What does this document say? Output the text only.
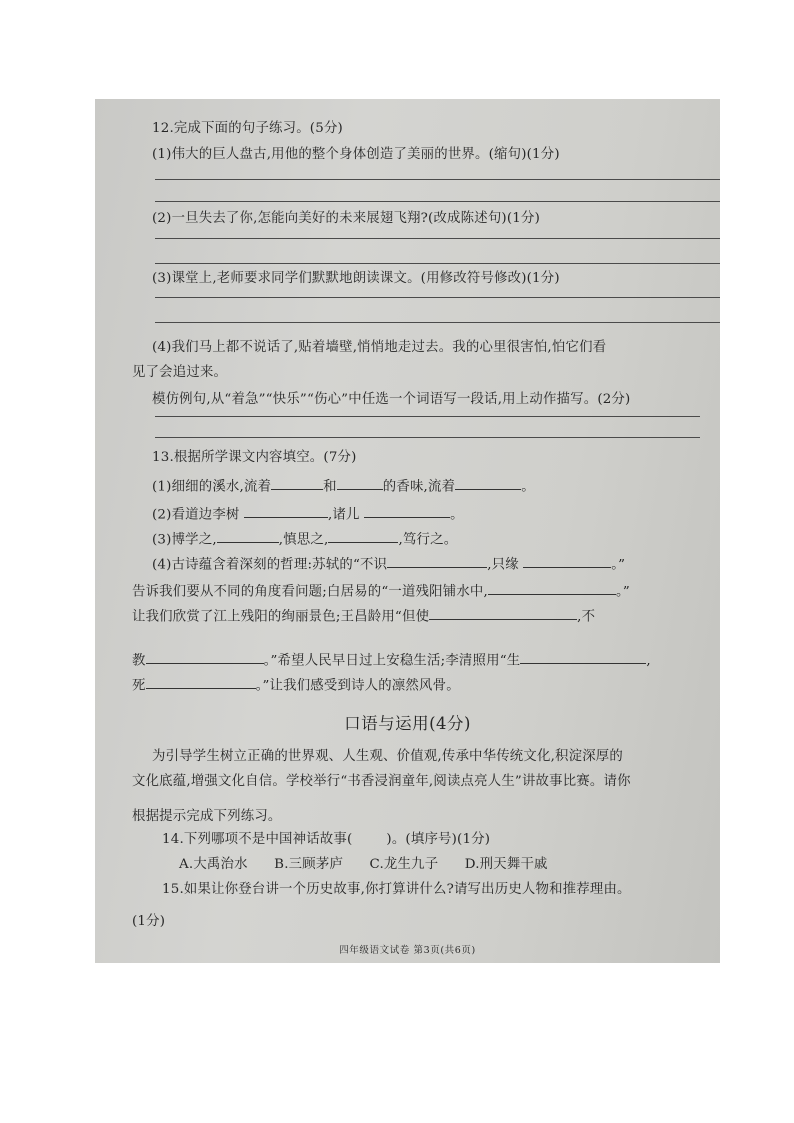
12.完成下面的句子练习。(5分)
(1)伟大的巨人盘古,用他的整个身体创造了美丽的世界。(缩句)(1分)
(2)一旦失去了你,怎能向美好的未来展翅飞翔?(改成陈述句)(1分)
(3)课堂上,老师要求同学们默默地朗读课文。(用修改符号修改)(1分)
(4)我们马上都不说话了,贴着墙壁,悄悄地走过去。我的心里很害怕,怕它们看
见了会追过来。
模仿例句,从“着急”“快乐”“伤心”中任选一个词语写一段话,用上动作描写。(2分)
13.根据所学课文内容填空。(7分)
(1)细细的溪水,流着	和	的香味,流着	。
(2)看道边李树	,诸儿	。
(3)博学之,	,慎思之,	,笃行之。
(4)古诗蕴含着深刻的哲理:苏轼的“不识	,只缘	。”
告诉我们要从不同的角度看问题;白居易的“一道残阳铺水中,	。”
让我们欣赏了江上残阳的绚丽景色;王昌龄用“但使	,不
教	。”希望人民早日过上安稳生活;李清照用“生	,
死	。”让我们感受到诗人的凛然风骨。
口语与运用(4分)
为引导学生树立正确的世界观、人生观、价值观,传承中华传统文化,积淀深厚的
文化底蕴,增强文化自信。学校举行“书香浸润童年,阅读点亮人生”讲故事比赛。请你
根据提示完成下列练习。
14.下列哪项不是中国神话故事(	)。(填序号)(1分)
A.大禹治水 B.三顾茅庐 C.龙生九子 D.刑天舞干戚
15.如果让你登台讲一个历史故事,你打算讲什么?请写出历史人物和推荐理由。
(1分)
四年级语文试卷 第3页(共6页)
